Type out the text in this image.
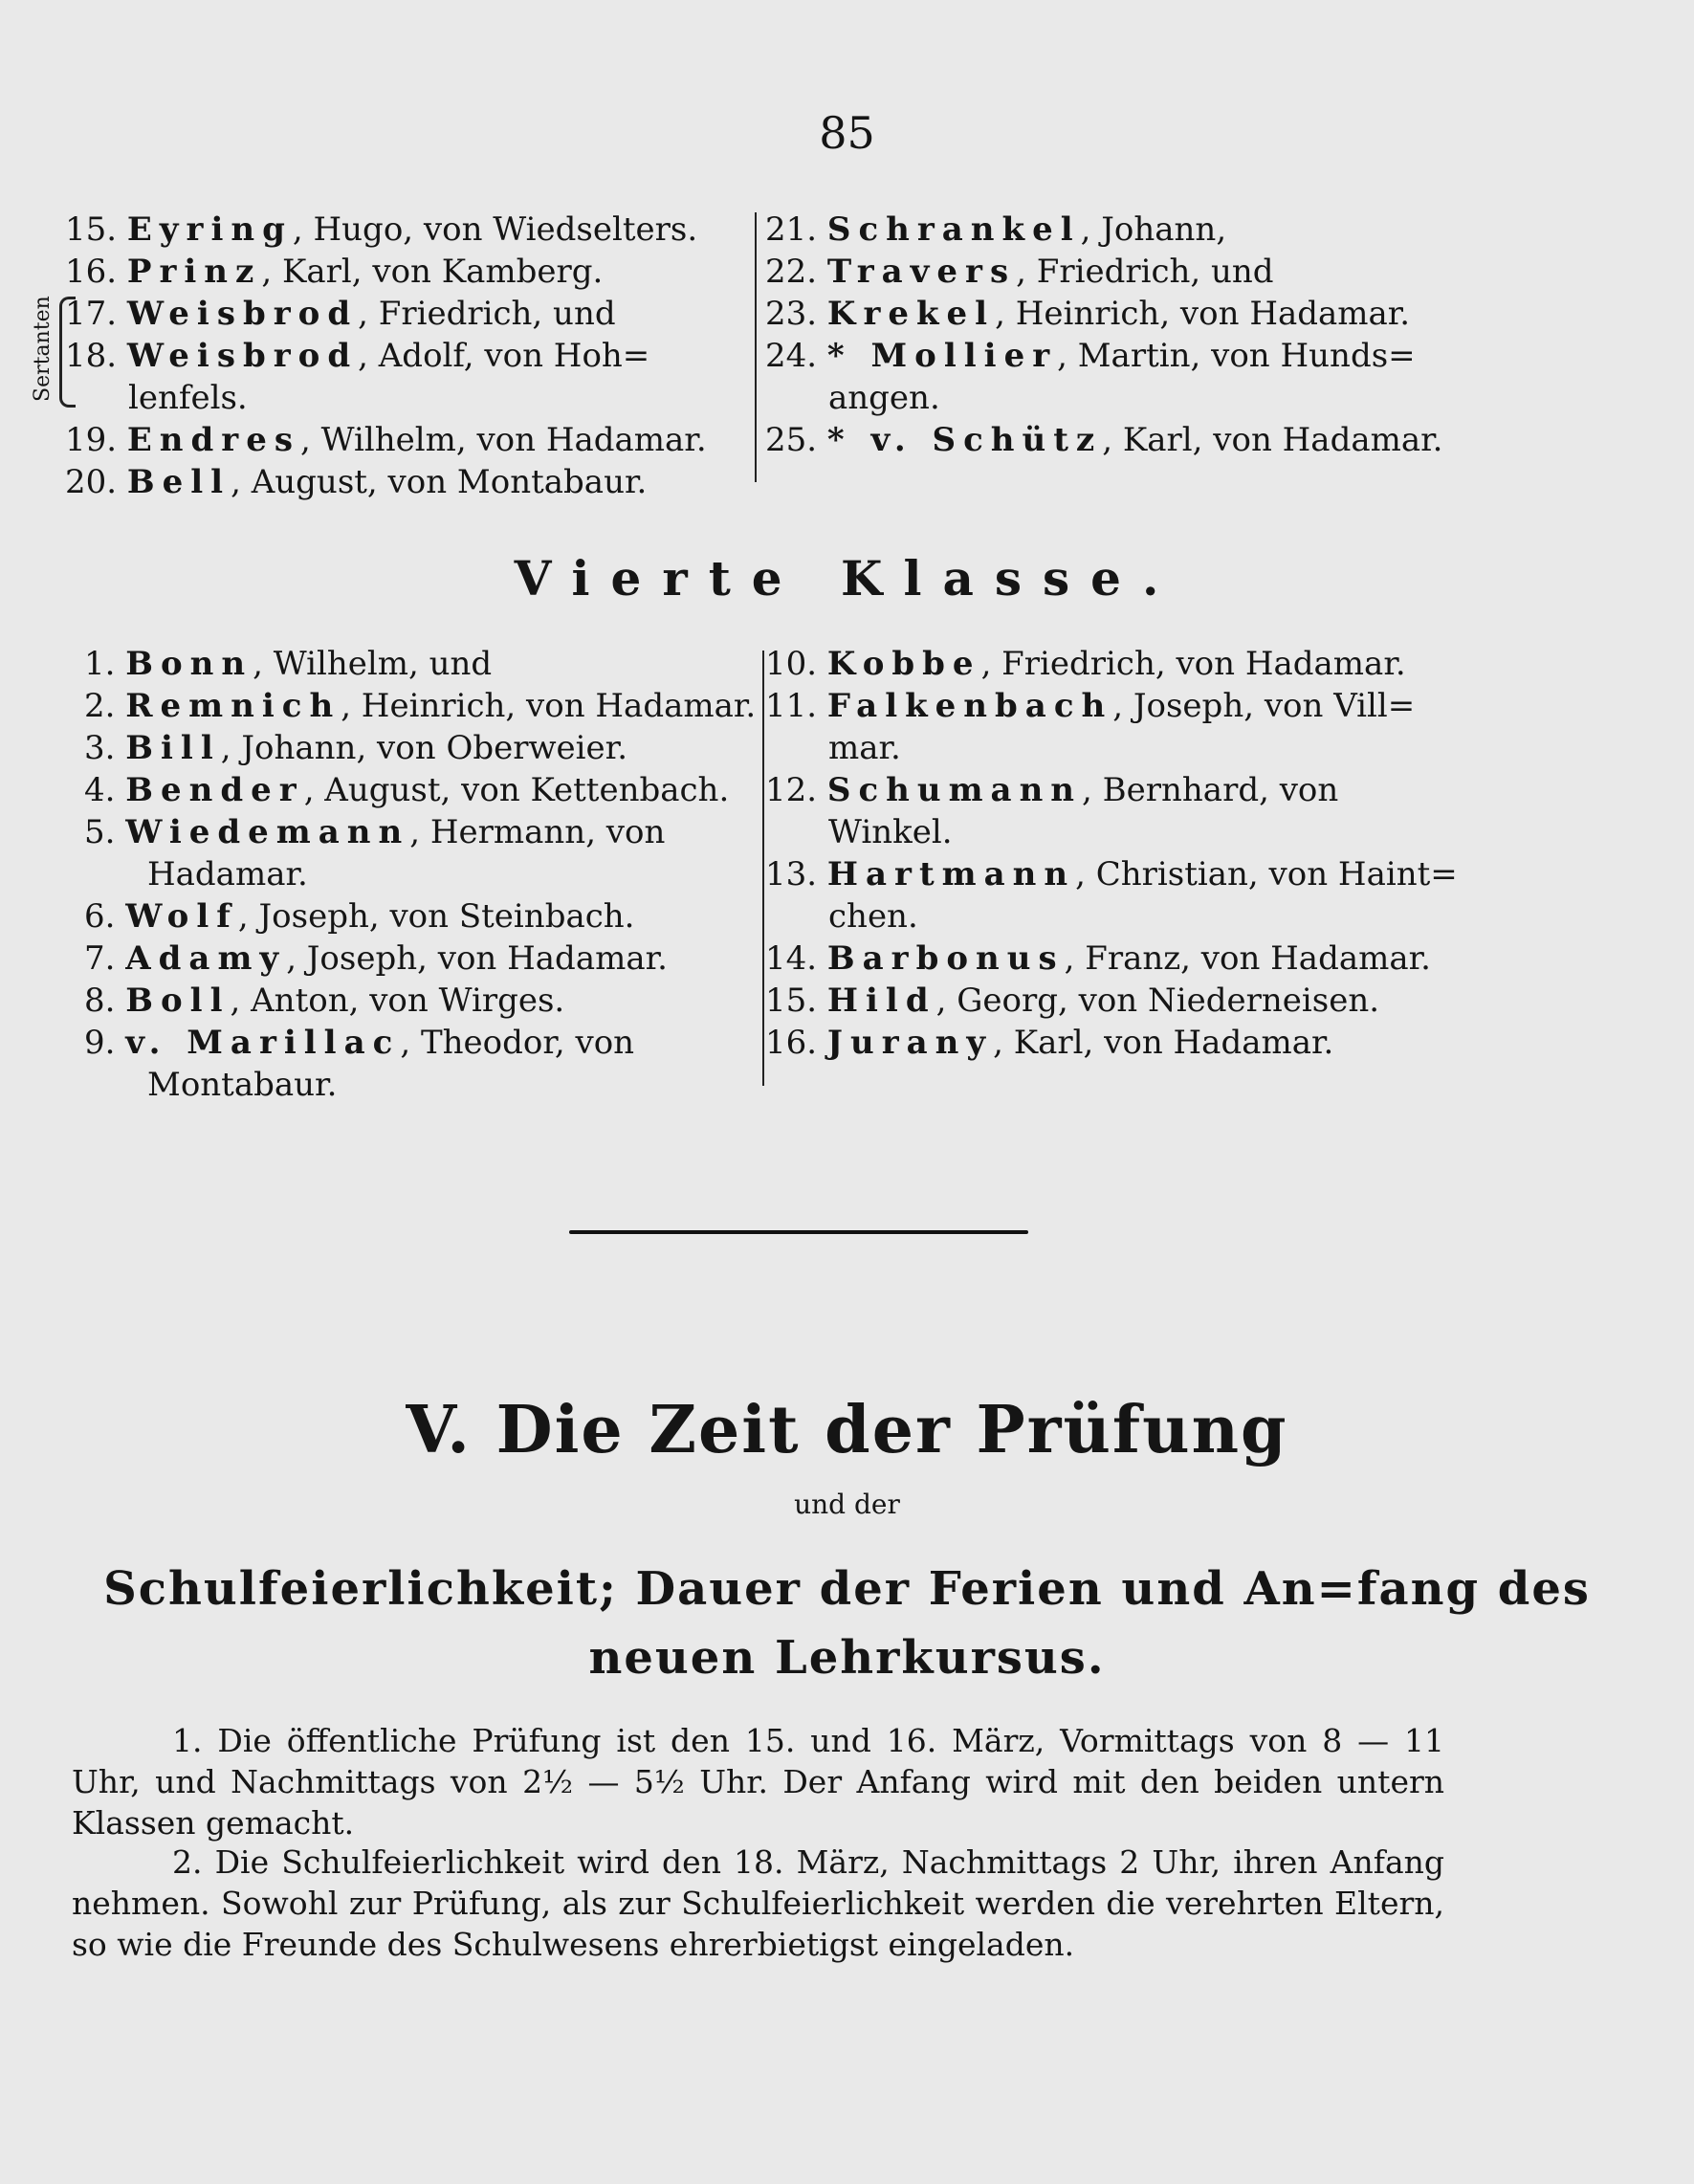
85
15. Eyring, Hugo, von Wiedselters.
16. Prinz, Karl, von Kamberg.
17. Weisbrod, Friedrich, und
18. Weisbrod, Adolf, von Hoh=
lenfels.
19. Endres, Wilhelm, von Hadamar.
20. Bell, August, von Montabaur.
Sertanten
21. Schrankel, Johann,
22. Travers, Friedrich, und
23. Krekel, Heinrich, von Hadamar.
24. * Mollier, Martin, von Hunds=
angen.
25. * v. Schütz, Karl, von Hadamar.
Vierte Klasse.
1. Bonn, Wilhelm, und
2. Remnich, Heinrich, von Hadamar.
3. Bill, Johann, von Oberweier.
4. Bender, August, von Kettenbach.
5. Wiedemann, Hermann, von
Hadamar.
6. Wolf, Joseph, von Steinbach.
7. Adamy, Joseph, von Hadamar.
8. Boll, Anton, von Wirges.
9. v. Marillac, Theodor, von
Montabaur.
10. Kobbe, Friedrich, von Hadamar.
11. Falkenbach, Joseph, von Vill=
mar.
12. Schumann, Bernhard, von
Winkel.
13. Hartmann, Christian, von Haint=
chen.
14. Barbonus, Franz, von Hadamar.
15. Hild, Georg, von Niederneisen.
16. Jurany, Karl, von Hadamar.
V. Die Zeit der Prüfung
und der
Schulfeierlichkeit; Dauer der Ferien und An=fang des neuen Lehrkursus.
1. Die öffentliche Prüfung ist den 15. und 16. März, Vormittags von 8 — 11 Uhr, und Nachmittags von 2½ — 5½ Uhr. Der Anfang wird mit den beiden untern Klassen gemacht.
2. Die Schulfeierlichkeit wird den 18. März, Nachmittags 2 Uhr, ihren Anfang nehmen. Sowohl zur Prüfung, als zur Schulfeierlichkeit werden die verehrten Eltern, so wie die Freunde des Schulwesens ehrerbietigst eingeladen.
